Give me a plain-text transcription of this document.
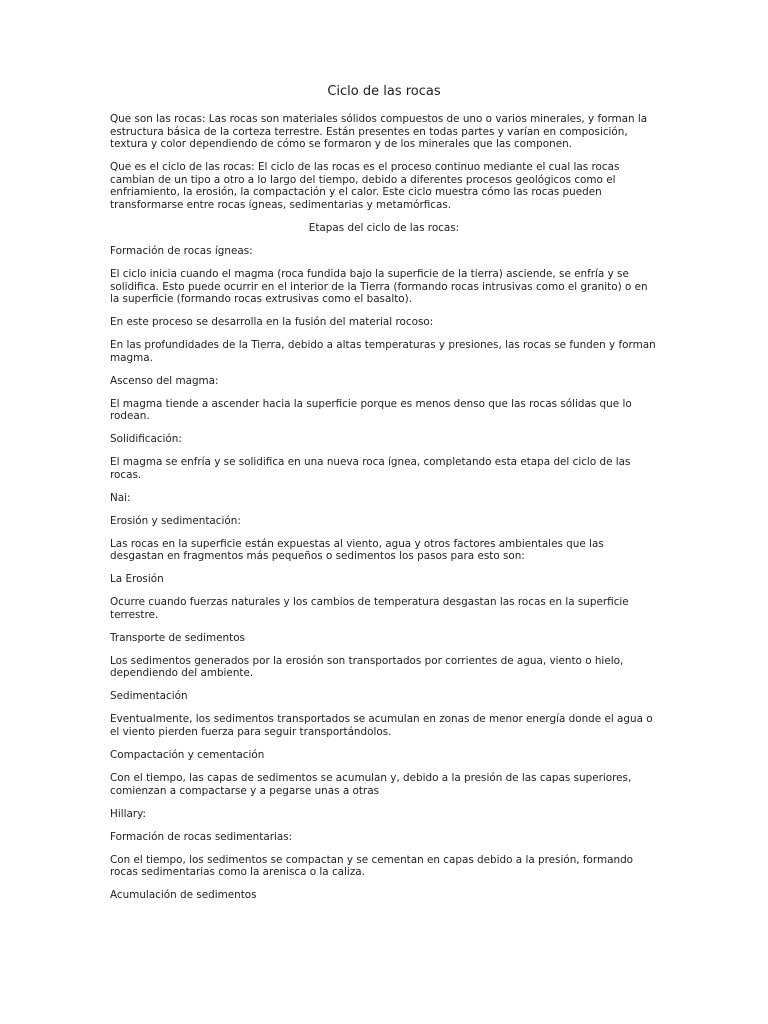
Ciclo de las rocas
Que son las rocas: Las rocas son materiales sólidos compuestos de uno o varios minerales, y forman la estructura básica de la corteza terrestre. Están presentes en todas partes y varían en composición, textura y color dependiendo de cómo se formaron y de los minerales que las componen.
Que es el ciclo de las rocas: El ciclo de las rocas es el proceso continuo mediante el cual las rocas cambian de un tipo a otro a lo largo del tiempo, debido a diferentes procesos geológicos como el enfriamiento, la erosión, la compactación y el calor. Este ciclo muestra cómo las rocas pueden transformarse entre rocas ígneas, sedimentarias y metamórficas.
Etapas del ciclo de las rocas:
Formación de rocas ígneas:
El ciclo inicia cuando el magma (roca fundida bajo la superficie de la tierra) asciende, se enfría y se solidifica. Esto puede ocurrir en el interior de la Tierra (formando rocas intrusivas como el granito) o en la superficie (formando rocas extrusivas como el basalto).
En este proceso se desarrolla en la fusión del material rocoso:
En las profundidades de la Tierra, debido a altas temperaturas y presiones, las rocas se funden y forman magma.
Ascenso del magma:
El magma tiende a ascender hacia la superficie porque es menos denso que las rocas sólidas que lo rodean.
Solidificación:
El magma se enfría y se solidifica en una nueva roca ígnea, completando esta etapa del ciclo de las rocas.
Nai:
Erosión y sedimentación:
Las rocas en la superficie están expuestas al viento, agua y otros factores ambientales que las desgastan en fragmentos más pequeños o sedimentos los pasos para esto son:
La Erosión
Ocurre cuando fuerzas naturales y los cambios de temperatura desgastan las rocas en la superficie terrestre.
Transporte de sedimentos
Los sedimentos generados por la erosión son transportados por corrientes de agua, viento o hielo, dependiendo del ambiente.
Sedimentación
Eventualmente, los sedimentos transportados se acumulan en zonas de menor energía donde el agua o el viento pierden fuerza para seguir transportándolos.
Compactación y cementación
Con el tiempo, las capas de sedimentos se acumulan y, debido a la presión de las capas superiores, comienzan a compactarse y a pegarse unas a otras
Hillary:
Formación de rocas sedimentarias:
Con el tiempo, los sedimentos se compactan y se cementan en capas debido a la presión, formando rocas sedimentarias como la arenisca o la caliza.
Acumulación de sedimentos
